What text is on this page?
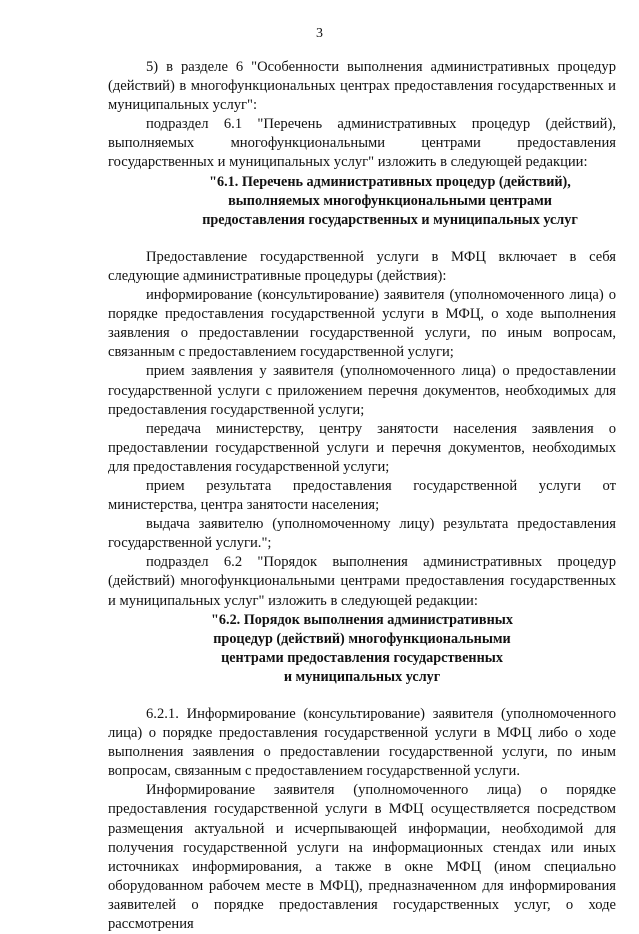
3

5) в разделе 6 "Особенности выполнения административных процедур (действий) в многофункциональных центрах предоставления государственных и муниципальных услуг":

подраздел 6.1 "Перечень административных процедур (действий), выполняемых многофункциональными центрами предоставления государственных и муниципальных услуг" изложить в следующей редакции:

"6.1. Перечень административных процедур (действий),
выполняемых многофункциональными центрами
предоставления государственных и муниципальных услуг

Предоставление государственной услуги в МФЦ включает в себя следующие административные процедуры (действия):

информирование (консультирование) заявителя (уполномоченного лица) о порядке предоставления государственной услуги в МФЦ, о ходе выполнения заявления о предоставлении государственной услуги, по иным вопросам, связанным с предоставлением государственной услуги;

прием заявления у заявителя (уполномоченного лица) о предоставлении государственной услуги с приложением перечня документов, необходимых для предоставления государственной услуги;

передача министерству, центру занятости населения заявления о предоставлении государственной услуги и перечня документов, необходимых для предоставления государственной услуги;

прием результата предоставления государственной услуги от министерства, центра занятости населения;

выдача заявителю (уполномоченному лицу) результата предоставления государственной услуги.";

подраздел 6.2 "Порядок выполнения административных процедур (действий) многофункциональными центрами предоставления государственных и муниципальных услуг" изложить в следующей редакции:

"6.2. Порядок выполнения административных
процедур (действий) многофункциональными
центрами предоставления государственных
и муниципальных услуг

6.2.1. Информирование (консультирование) заявителя (уполномоченного лица) о порядке предоставления государственной услуги в МФЦ либо о ходе выполнения заявления о предоставлении государственной услуги, по иным вопросам, связанным с предоставлением государственной услуги.

Информирование заявителя (уполномоченного лица) о порядке предоставления государственной услуги в МФЦ осуществляется посредством размещения актуальной и исчерпывающей информации, необходимой для получения государственной услуги на информационных стендах или иных источниках информирования, а также в окне МФЦ (ином специально оборудованном рабочем месте в МФЦ), предназначенном для информирования заявителей о порядке предоставления государственных услуг, о ходе рассмотрения
